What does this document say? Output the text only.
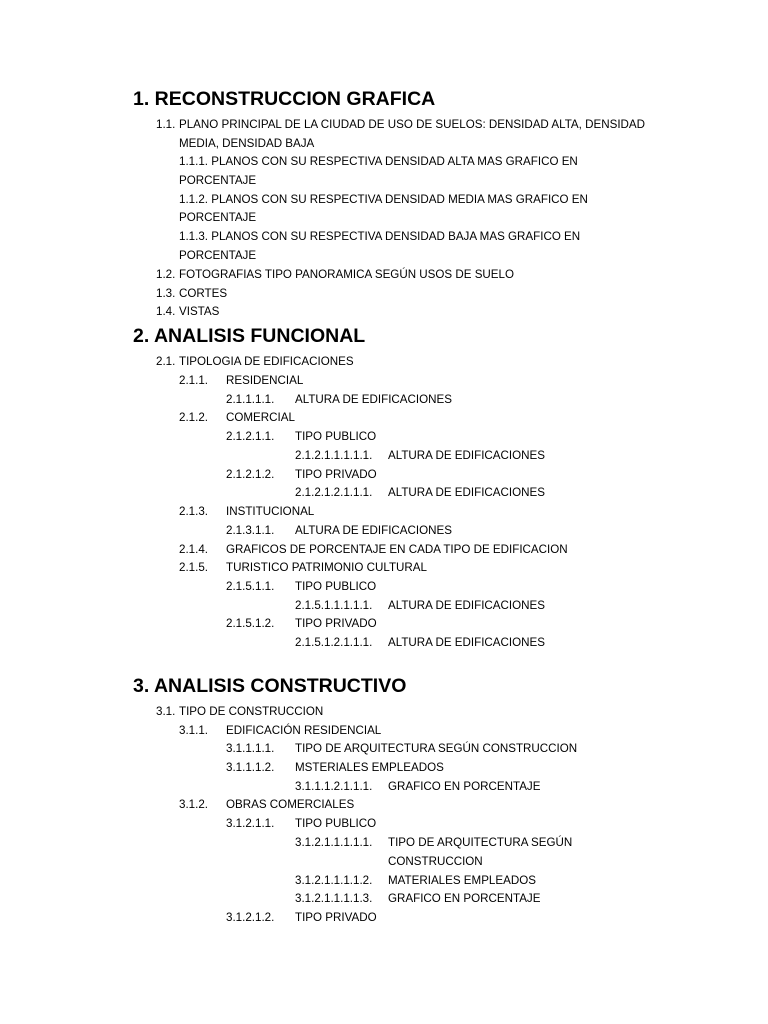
1. RECONSTRUCCION GRAFICA
1.1. PLANO PRINCIPAL DE LA CIUDAD DE USO DE SUELOS: DENSIDAD ALTA, DENSIDAD
MEDIA, DENSIDAD BAJA
1.1.1. PLANOS CON SU RESPECTIVA DENSIDAD ALTA MAS GRAFICO EN
PORCENTAJE
1.1.2. PLANOS CON SU RESPECTIVA DENSIDAD MEDIA MAS GRAFICO EN
PORCENTAJE
1.1.3. PLANOS CON SU RESPECTIVA DENSIDAD BAJA MAS GRAFICO EN
PORCENTAJE
1.2. FOTOGRAFIAS TIPO PANORAMICA SEGÚN USOS DE SUELO
1.3. CORTES
1.4. VISTAS
2. ANALISIS FUNCIONAL
2.1. TIPOLOGIA DE EDIFICACIONES
2.1.1. RESIDENCIAL
2.1.1.1.1. ALTURA DE EDIFICACIONES
2.1.2. COMERCIAL
2.1.2.1.1. TIPO PUBLICO
2.1.2.1.1.1.1.1. ALTURA DE EDIFICACIONES
2.1.2.1.2. TIPO PRIVADO
2.1.2.1.2.1.1.1. ALTURA DE EDIFICACIONES
2.1.3. INSTITUCIONAL
2.1.3.1.1. ALTURA DE EDIFICACIONES
2.1.4. GRAFICOS DE PORCENTAJE EN CADA TIPO DE EDIFICACION
2.1.5. TURISTICO PATRIMONIO CULTURAL
2.1.5.1.1. TIPO PUBLICO
2.1.5.1.1.1.1.1. ALTURA DE EDIFICACIONES
2.1.5.1.2. TIPO PRIVADO
2.1.5.1.2.1.1.1. ALTURA DE EDIFICACIONES
3. ANALISIS CONSTRUCTIVO
3.1. TIPO DE CONSTRUCCION
3.1.1. EDIFICACIÓN RESIDENCIAL
3.1.1.1.1. TIPO DE ARQUITECTURA SEGÚN CONSTRUCCION
3.1.1.1.2. MSTERIALES EMPLEADOS
3.1.1.1.2.1.1.1. GRAFICO EN PORCENTAJE
3.1.2. OBRAS COMERCIALES
3.1.2.1.1. TIPO PUBLICO
3.1.2.1.1.1.1.1. TIPO DE ARQUITECTURA SEGÚN
CONSTRUCCION
3.1.2.1.1.1.1.2. MATERIALES EMPLEADOS
3.1.2.1.1.1.1.3. GRAFICO EN PORCENTAJE
3.1.2.1.2. TIPO PRIVADO
